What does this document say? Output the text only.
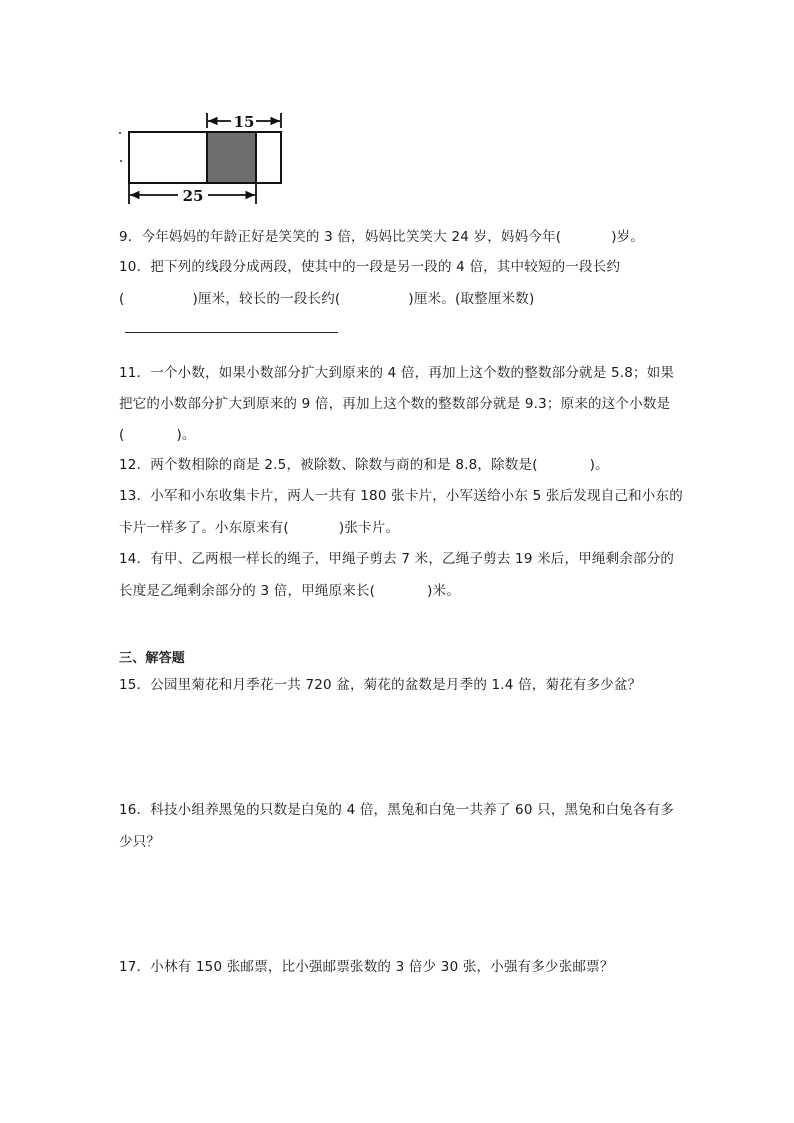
15
25
9．今年妈妈的年龄正好是笑笑的 3 倍，妈妈比笑笑大 24 岁，妈妈今年(	)岁。
10．把下列的线段分成两段，使其中的一段是另一段的 4 倍，其中较短的一段长约
(	)厘米，较长的一段长约(	)厘米。(取整厘米数)
11．一个小数，如果小数部分扩大到原来的 4 倍，再加上这个数的整数部分就是 5.8；如果
把它的小数部分扩大到原来的 9 倍，再加上这个数的整数部分就是 9.3；原来的这个小数是
(	)。
12．两个数相除的商是 2.5，被除数、除数与商的和是 8.8，除数是(	)。
13．小军和小东收集卡片，两人一共有 180 张卡片，小军送给小东 5 张后发现自己和小东的
卡片一样多了。小东原来有(	)张卡片。
14．有甲、乙两根一样长的绳子，甲绳子剪去 7 米，乙绳子剪去 19 米后，甲绳剩余部分的
长度是乙绳剩余部分的 3 倍，甲绳原来长(	)米。
三、解答题
15．公园里菊花和月季花一共 720 盆，菊花的盆数是月季的 1.4 倍，菊花有多少盆？
16．科技小组养黑兔的只数是白兔的 4 倍，黑兔和白兔一共养了 60 只，黑兔和白兔各有多
少只？
17．小林有 150 张邮票，比小强邮票张数的 3 倍少 30 张，小强有多少张邮票？
